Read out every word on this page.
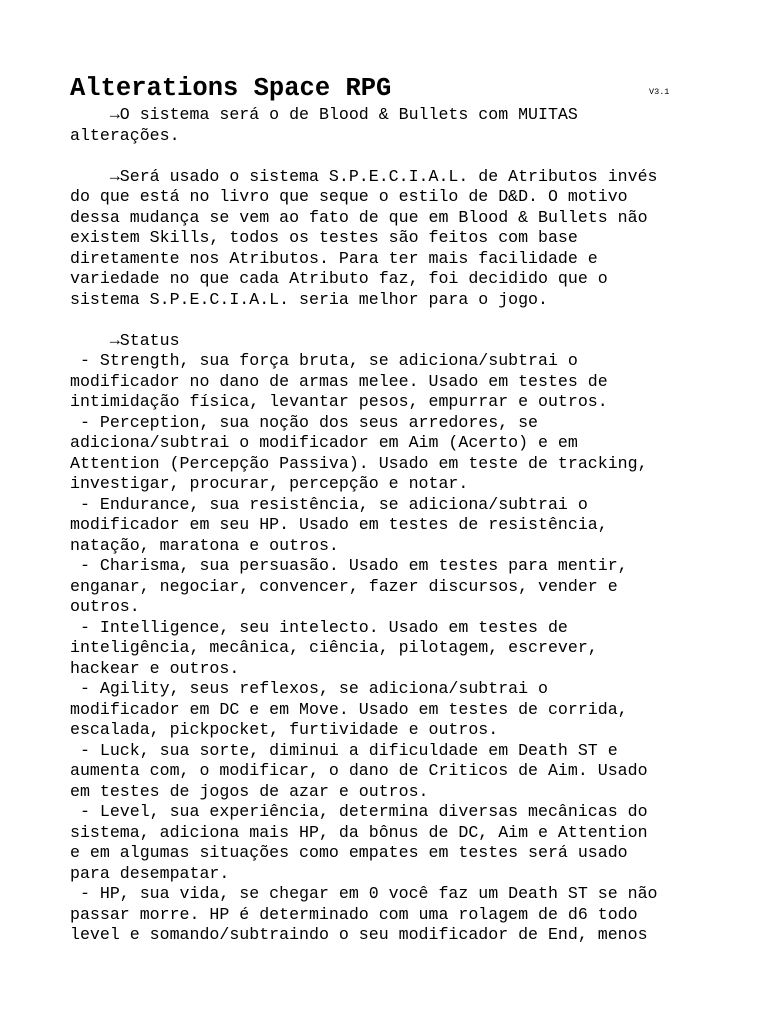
Alterations Space RPG	V3.1
→O sistema será o de Blood & Bullets com MUITAS
alterações.
→Será usado o sistema S.P.E.C.I.A.L. de Atributos invés
do que está no livro que seque o estilo de D&D. O motivo
dessa mudança se vem ao fato de que em Blood & Bullets não
existem Skills, todos os testes são feitos com base
diretamente nos Atributos. Para ter mais facilidade e
variedade no que cada Atributo faz, foi decidido que o
sistema S.P.E.C.I.A.L. seria melhor para o jogo.
→Status
- Strength, sua força bruta, se adiciona/subtrai o
modificador no dano de armas melee. Usado em testes de
intimidação física, levantar pesos, empurrar e outros.
- Perception, sua noção dos seus arredores, se
adiciona/subtrai o modificador em Aim (Acerto) e em
Attention (Percepção Passiva). Usado em teste de tracking,
investigar, procurar, percepção e notar.
- Endurance, sua resistência, se adiciona/subtrai o
modificador em seu HP. Usado em testes de resistência,
natação, maratona e outros.
- Charisma, sua persuasão. Usado em testes para mentir,
enganar, negociar, convencer, fazer discursos, vender e
outros.
- Intelligence, seu intelecto. Usado em testes de
inteligência, mecânica, ciência, pilotagem, escrever,
hackear e outros.
- Agility, seus reflexos, se adiciona/subtrai o
modificador em DC e em Move. Usado em testes de corrida,
escalada, pickpocket, furtividade e outros.
- Luck, sua sorte, diminui a dificuldade em Death ST e
aumenta com, o modificar, o dano de Criticos de Aim. Usado
em testes de jogos de azar e outros.
- Level, sua experiência, determina diversas mecânicas do
sistema, adiciona mais HP, da bônus de DC, Aim e Attention
e em algumas situações como empates em testes será usado
para desempatar.
- HP, sua vida, se chegar em 0 você faz um Death ST se não
passar morre. HP é determinado com uma rolagem de d6 todo
level e somando/subtraindo o seu modificador de End, menos
